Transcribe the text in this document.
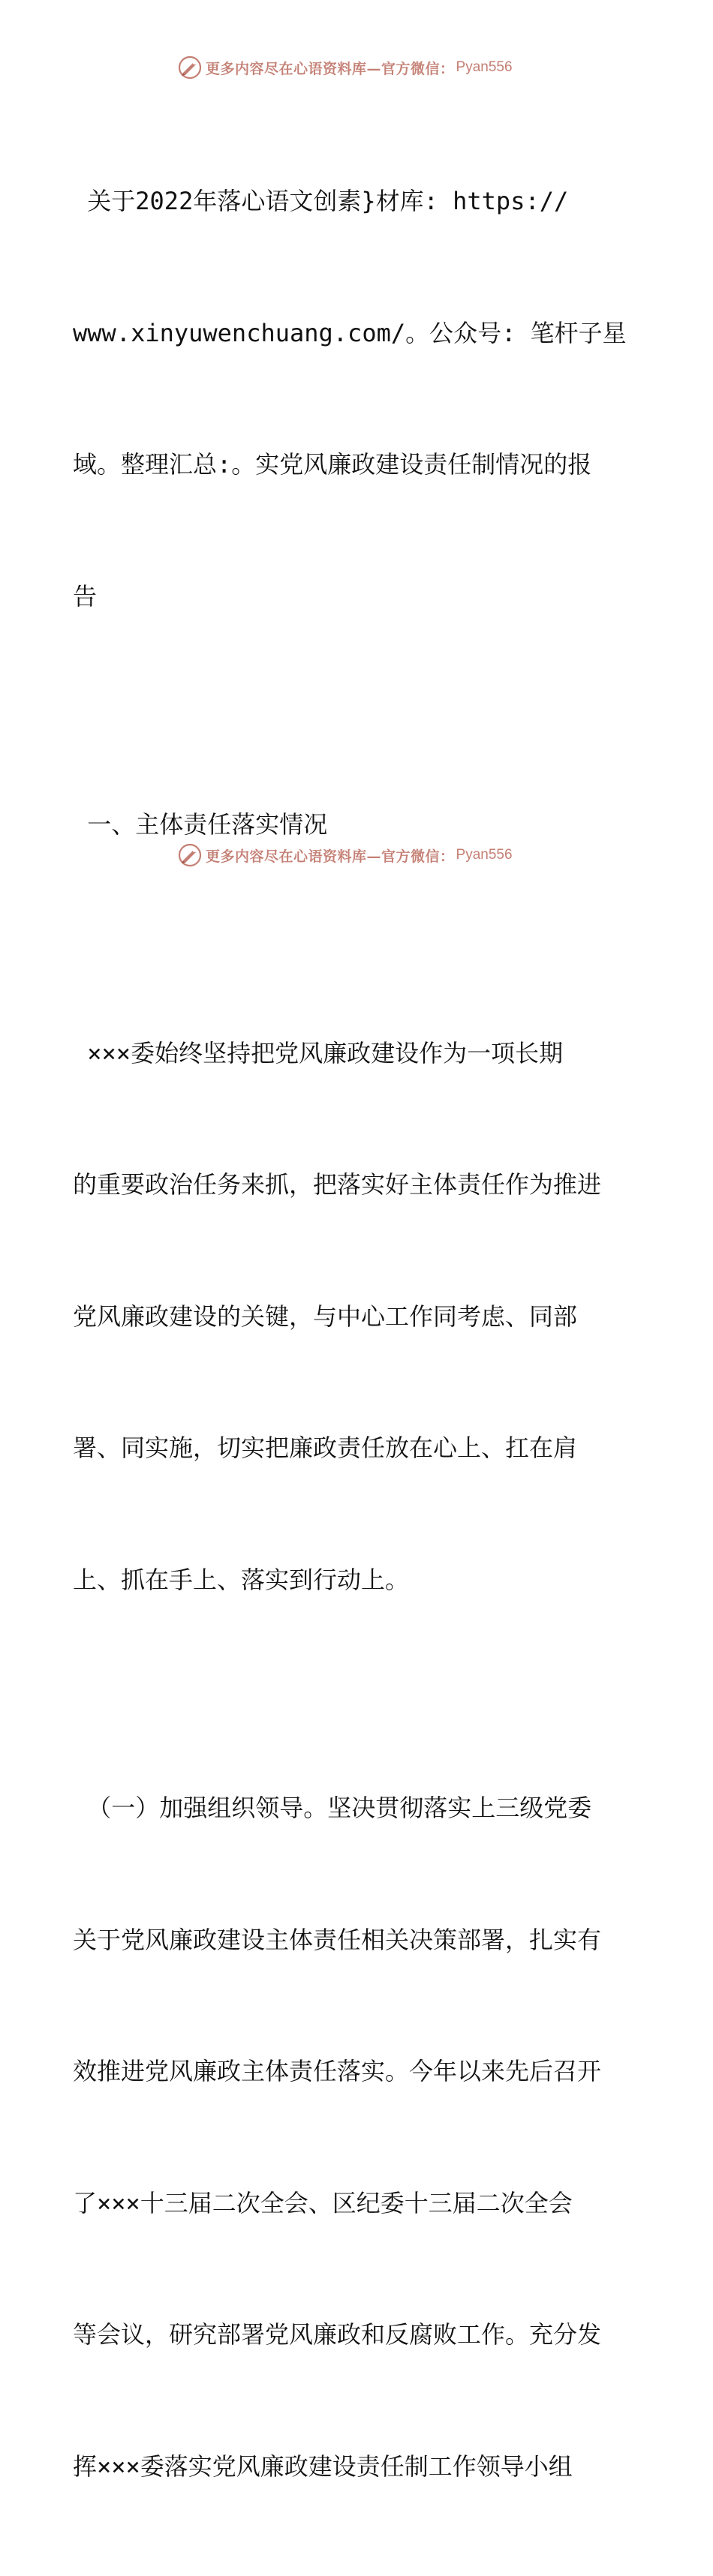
更多内容尽在心语资料库—官方微信： Pyan556

关于2022年落心语文创素}材库: https://

www.xinyuwenchuang.com/。公众号: 笔杆子星

域。整理汇总:。实党风廉政建设责任制情况的报

告

一、主体责任落实情况

×××委始终坚持把党风廉政建设作为一项长期

的重要政治任务来抓，把落实好主体责任作为推进

党风廉政建设的关键，与中心工作同考虑、同部

署、同实施，切实把廉政责任放在心上、扛在肩

上、抓在手上、落实到行动上。

（一）加强组织领导。坚决贯彻落实上三级党委

关于党风廉政建设主体责任相关决策部署，扎实有

效推进党风廉政主体责任落实。今年以来先后召开

了×××十三届二次全会、区纪委十三届二次全会

等会议，研究部署党风廉政和反腐败工作。充分发

挥×××委落实党风廉政建设责任制工作领导小组

更多内容尽在心语资料库—官方微信： Pyan556
